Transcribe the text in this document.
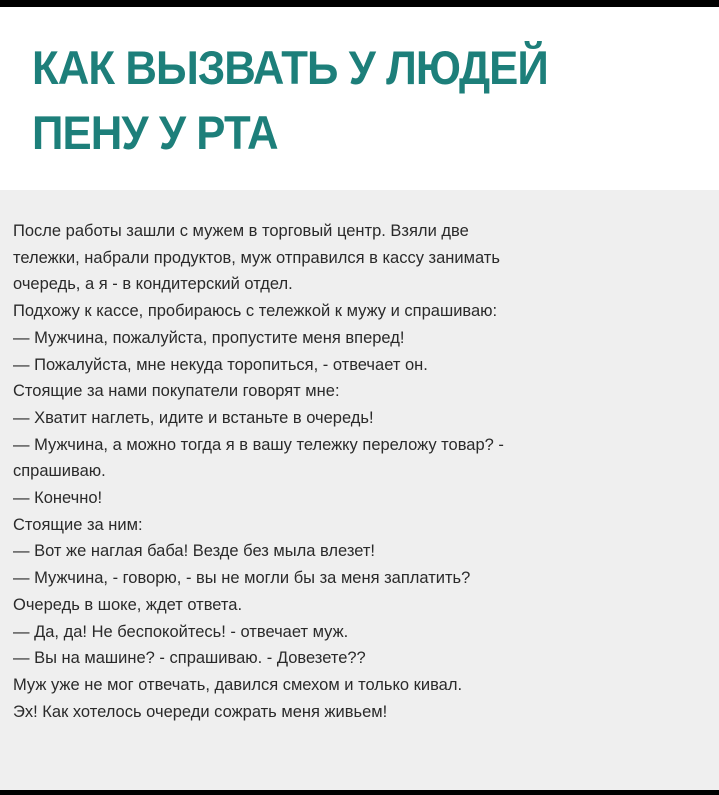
КАК ВЫЗВАТЬ У ЛЮДЕЙ
ПЕНУ У РТА
После работы зашли с мужем в торговый центр. Взяли две
тележки, набрали продуктов, муж отправился в кассу занимать
очередь, а я - в кондитерский отдел.
Подхожу к кассе, пробираюсь с тележкой к мужу и спрашиваю:
— Мужчина, пожалуйста, пропустите меня вперед!
— Пожалуйста, мне некуда торопиться, - отвечает он.
Стоящие за нами покупатели говорят мне:
— Хватит наглеть, идите и встаньте в очередь!
— Мужчина, а можно тогда я в вашу тележку переложу товар? -
спрашиваю.
— Конечно!
Стоящие за ним:
— Вот же наглая баба! Везде без мыла влезет!
— Мужчина, - говорю, - вы не могли бы за меня заплатить?
Очередь в шоке, ждет ответа.
— Да, да! Не беспокойтесь! - отвечает муж.
— Вы на машине? - спрашиваю. - Довезете??
Муж уже не мог отвечать, давился смехом и только кивал.
Эх! Как хотелось очереди сожрать меня живьем!
